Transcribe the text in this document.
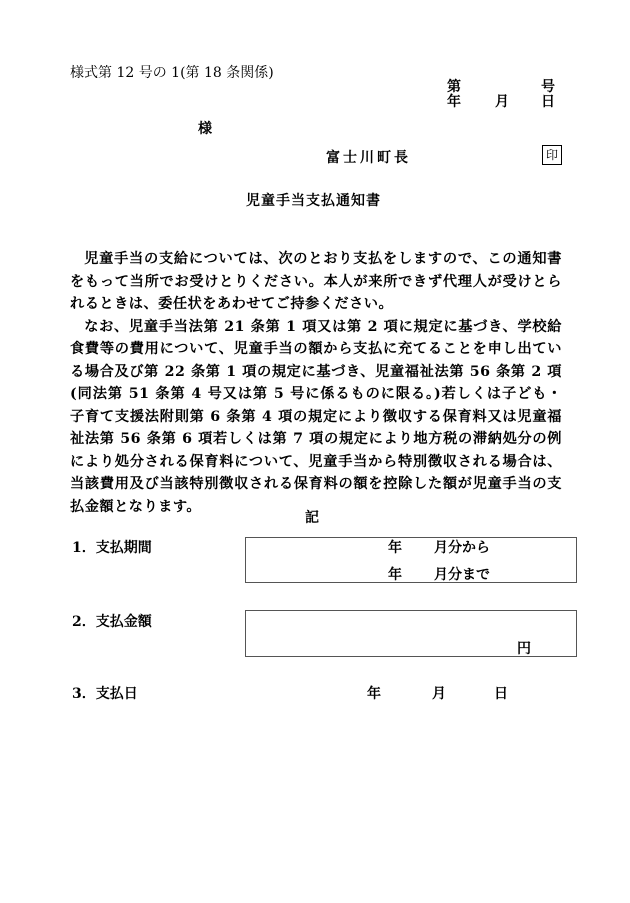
様式第 12 号の 1(第 18 条関係)
第	号
年 月 日
様
富士川町長	印
児童手当支払通知書

児童手当の支給については、次のとおり支払をしますので、この通知書をもって当所でお受けとりください。本人が来所できず代理人が受けとられるときは、委任状をあわせてご持参ください。

なお、児童手当法第 21 条第 1 項又は第 2 項に規定に基づき、学校給食費等の費用について、児童手当の額から支払に充てることを申し出ている場合及び第 22 条第 1 項の規定に基づき、児童福祉法第 56 条第 2 項(同法第 51 条第 4 号又は第 5 号に係るものに限る。)若しくは子ども・子育て支援法附則第 6 条第 4 項の規定により徴収する保育料又は児童福祉法第 56 条第 6 項若しくは第 7 項の規定により地方税の滞納処分の例により処分される保育料について、児童手当から特別徴収される場合は、当該費用及び当該特別徴収される保育料の額を控除した額が児童手当の支払金額となります。

記
1．支払期間	年 月分から
年 月分まで
2．支払金額
円
3．支払日	年	月	日
